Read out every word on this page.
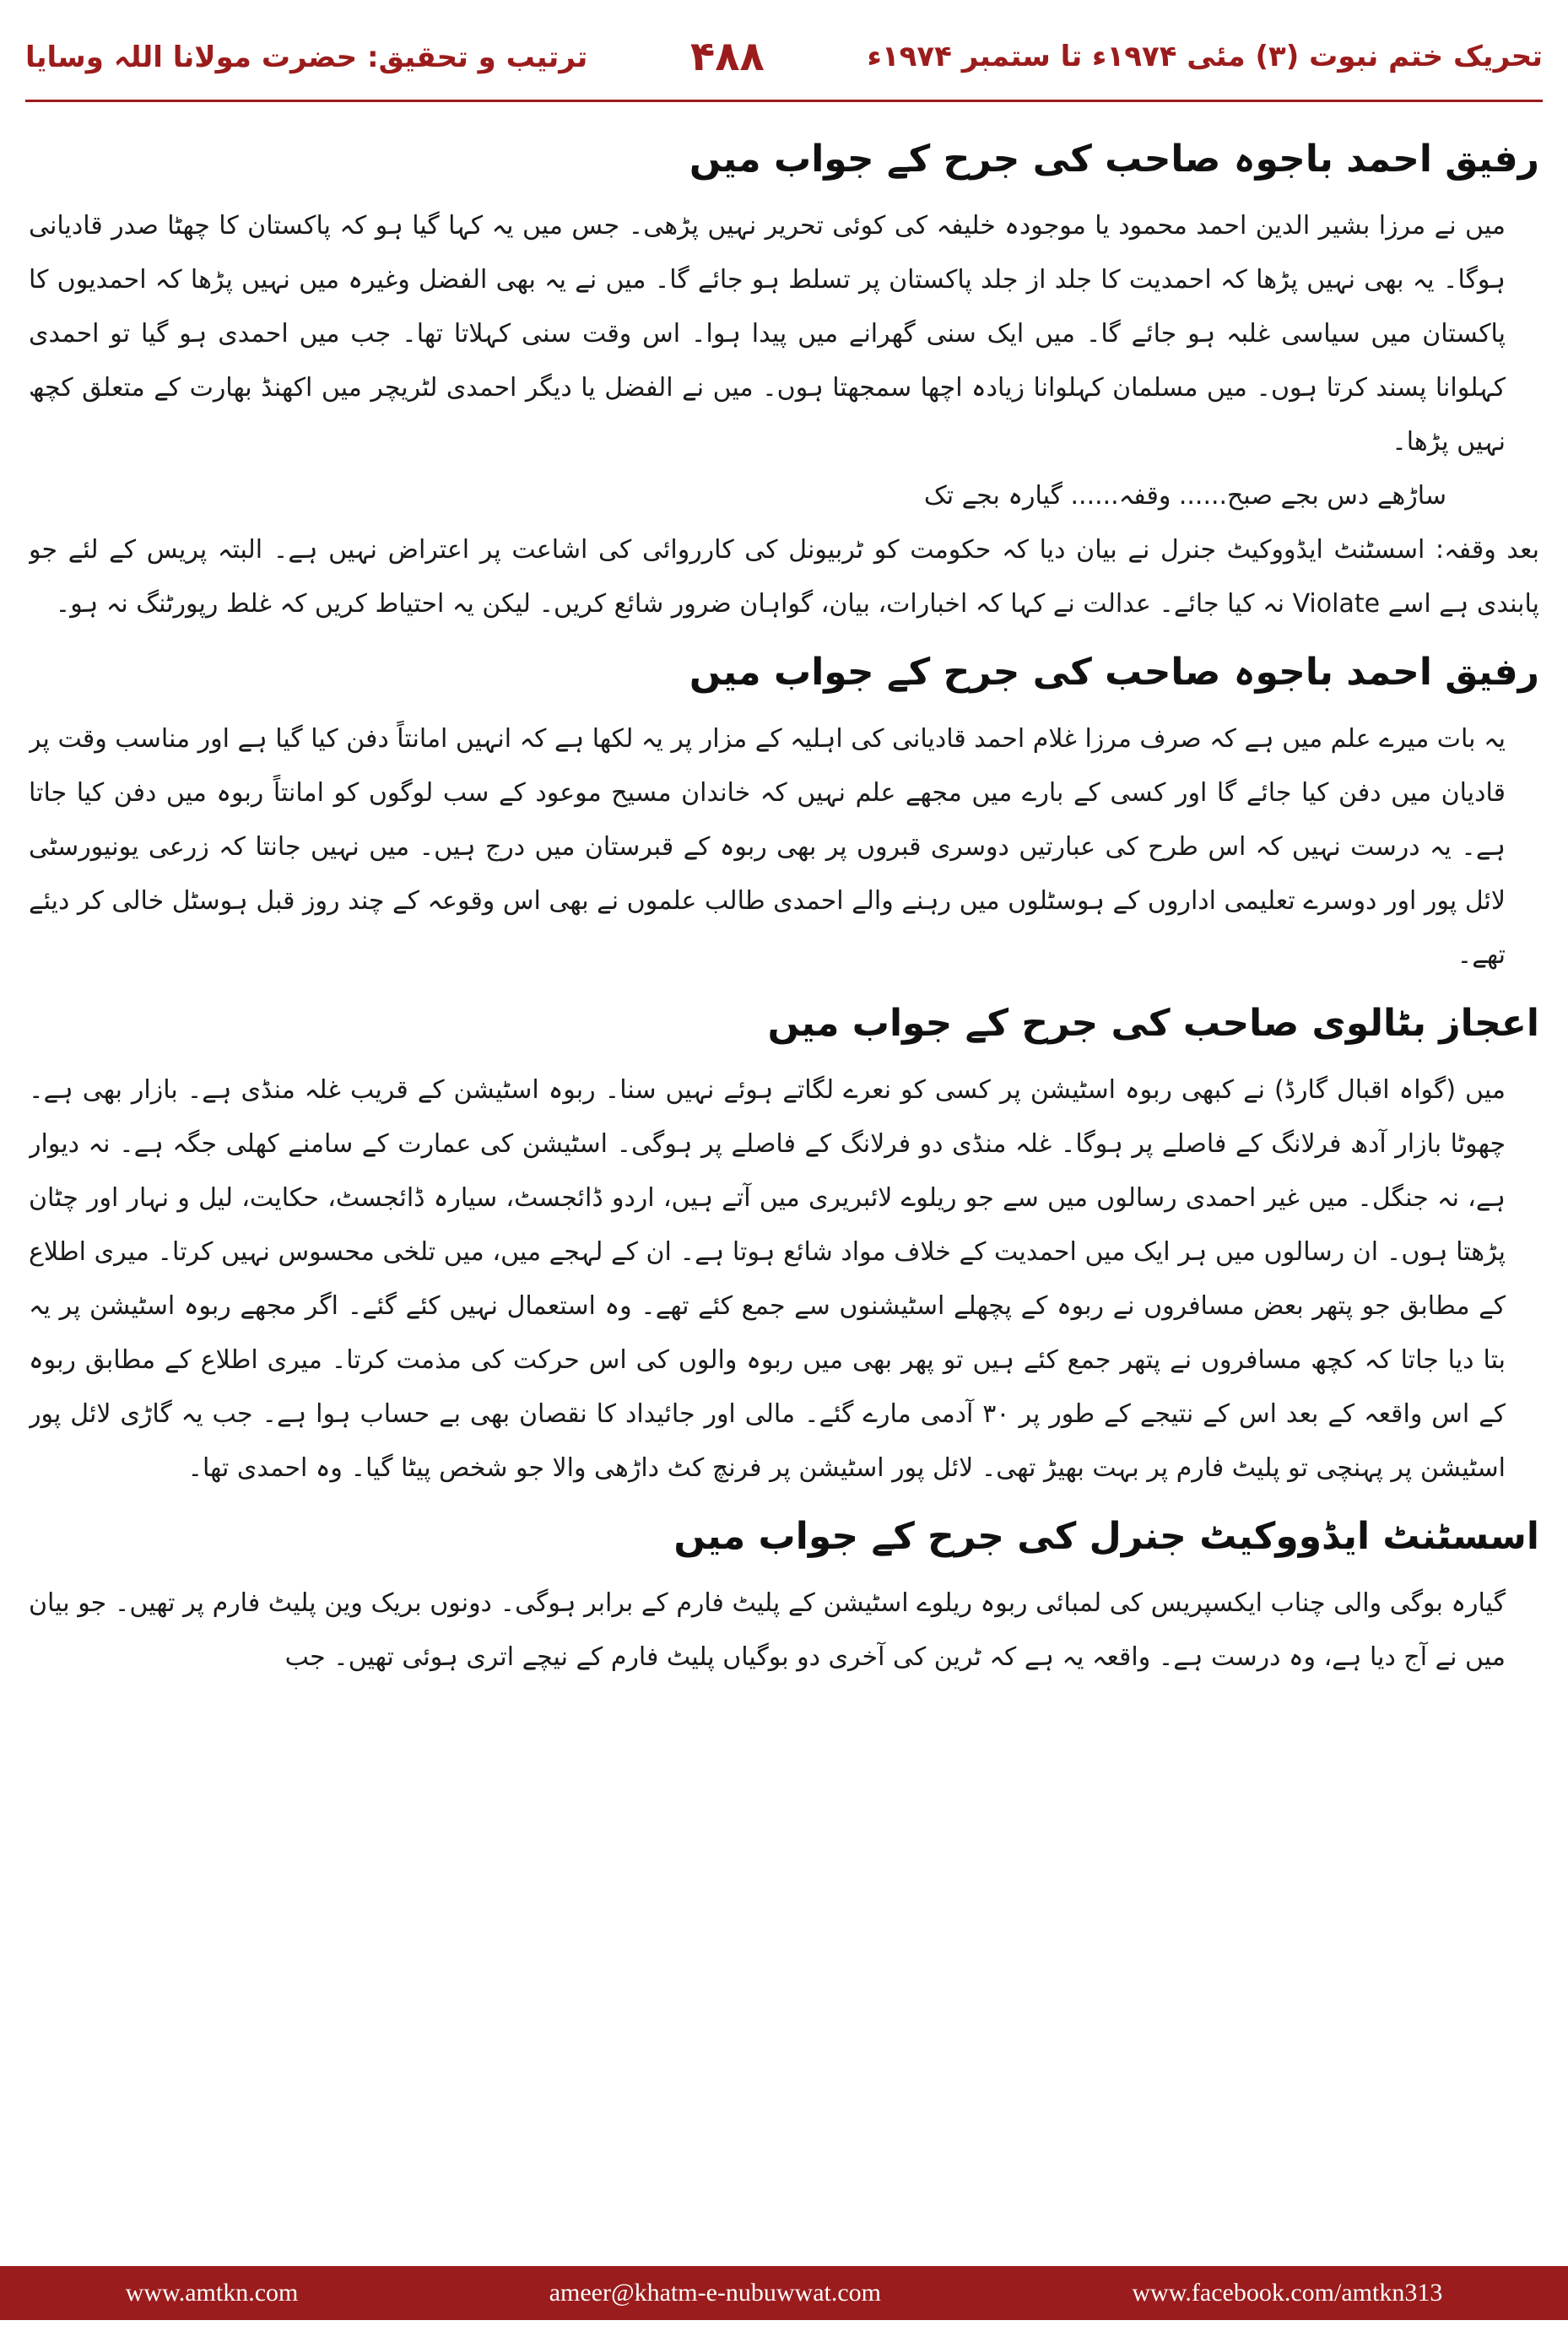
ترتیب و تحقیق: حضرت مولانا اللہ وسایا	۴۸۸	تحریک ختم نبوت (۳) مئی ۱۹۷۴ء تا ستمبر ۱۹۷۴ء
رفیق احمد باجوہ صاحب کی جرح کے جواب میں

میں نے مرزا بشیر الدین احمد محمود یا موجودہ خلیفہ کی کوئی تحریر نہیں پڑھی۔ جس میں یہ کہا گیا ہو کہ پاکستان کا چھٹا صدر قادیانی ہوگا۔ یہ بھی نہیں پڑھا کہ احمدیت کا جلد از جلد پاکستان پر تسلط ہو جائے گا۔ میں نے یہ بھی الفضل وغیرہ میں نہیں پڑھا کہ احمدیوں کا پاکستان میں سیاسی غلبہ ہو جائے گا۔ میں ایک سنی گھرانے میں پیدا ہوا۔ اس وقت سنی کہلاتا تھا۔ جب میں احمدی ہو گیا تو احمدی کہلوانا پسند کرتا ہوں۔ میں مسلمان کہلوانا زیادہ اچھا سمجھتا ہوں۔ میں نے الفضل یا دیگر احمدی لٹریچر میں اکھنڈ بھارت کے متعلق کچھ نہیں پڑھا۔

ساڑھے دس بجے صبح...... وقفہ...... گیارہ بجے تک

بعد وقفہ: اسسٹنٹ ایڈووکیٹ جنرل نے بیان دیا کہ حکومت کو ٹربیونل کی کارروائی کی اشاعت پر اعتراض نہیں ہے۔ البتہ پریس کے لئے جو پابندی ہے اسے Violate نہ کیا جائے۔ عدالت نے کہا کہ اخبارات، بیان، گواہان ضرور شائع کریں۔ لیکن یہ احتیاط کریں کہ غلط رپورٹنگ نہ ہو۔

رفیق احمد باجوہ صاحب کی جرح کے جواب میں

یہ بات میرے علم میں ہے کہ صرف مرزا غلام احمد قادیانی کی اہلیہ کے مزار پر یہ لکھا ہے کہ انہیں امانتاً دفن کیا گیا ہے اور مناسب وقت پر قادیان میں دفن کیا جائے گا اور کسی کے بارے میں مجھے علم نہیں کہ خاندان مسیح موعود کے سب لوگوں کو امانتاً ربوہ میں دفن کیا جاتا ہے۔ یہ درست نہیں کہ اس طرح کی عبارتیں دوسری قبروں پر بھی ربوہ کے قبرستان میں درج ہیں۔ میں نہیں جانتا کہ زرعی یونیورسٹی لائل پور اور دوسرے تعلیمی اداروں کے ہوسٹلوں میں رہنے والے احمدی طالب علموں نے بھی اس وقوعہ کے چند روز قبل ہوسٹل خالی کر دیئے تھے۔

اعجاز بٹالوی صاحب کی جرح کے جواب میں

میں (گواہ اقبال گارڈ) نے کبھی ربوہ اسٹیشن پر کسی کو نعرے لگاتے ہوئے نہیں سنا۔ ربوہ اسٹیشن کے قریب غلہ منڈی ہے۔ بازار بھی ہے۔ چھوٹا بازار آدھ فرلانگ کے فاصلے پر ہوگا۔ غلہ منڈی دو فرلانگ کے فاصلے پر ہوگی۔ اسٹیشن کی عمارت کے سامنے کھلی جگہ ہے۔ نہ دیوار ہے، نہ جنگل۔ میں غیر احمدی رسالوں میں سے جو ریلوے لائبریری میں آتے ہیں، اردو ڈائجسٹ، سیارہ ڈائجسٹ، حکایت، لیل و نہار اور چٹان پڑھتا ہوں۔ ان رسالوں میں ہر ایک میں احمدیت کے خلاف مواد شائع ہوتا ہے۔ ان کے لہجے میں، میں تلخی محسوس نہیں کرتا۔ میری اطلاع کے مطابق جو پتھر بعض مسافروں نے ربوہ کے پچھلے اسٹیشنوں سے جمع کئے تھے۔ وہ استعمال نہیں کئے گئے۔ اگر مجھے ربوہ اسٹیشن پر یہ بتا دیا جاتا کہ کچھ مسافروں نے پتھر جمع کئے ہیں تو پھر بھی میں ربوہ والوں کی اس حرکت کی مذمت کرتا۔ میری اطلاع کے مطابق ربوہ کے اس واقعہ کے بعد اس کے نتیجے کے طور پر ۳۰ آدمی مارے گئے۔ مالی اور جائیداد کا نقصان بھی بے حساب ہوا ہے۔ جب یہ گاڑی لائل پور اسٹیشن پر پہنچی تو پلیٹ فارم پر بہت بھیڑ تھی۔ لائل پور اسٹیشن پر فرنچ کٹ داڑھی والا جو شخص پیٹا گیا۔ وہ احمدی تھا۔

اسسٹنٹ ایڈووکیٹ جنرل کی جرح کے جواب میں

گیارہ بوگی والی چناب ایکسپریس کی لمبائی ربوہ ریلوے اسٹیشن کے پلیٹ فارم کے برابر ہوگی۔ دونوں بریک وین پلیٹ فارم پر تھیں۔ جو بیان میں نے آج دیا ہے، وہ درست ہے۔ واقعہ یہ ہے کہ ٹرین کی آخری دو بوگیاں پلیٹ فارم کے نیچے اتری ہوئی تھیں۔ جب

www.amtkn.com	ameer@khatm-e-nubuwwat.com	www.facebook.com/amtkn313
